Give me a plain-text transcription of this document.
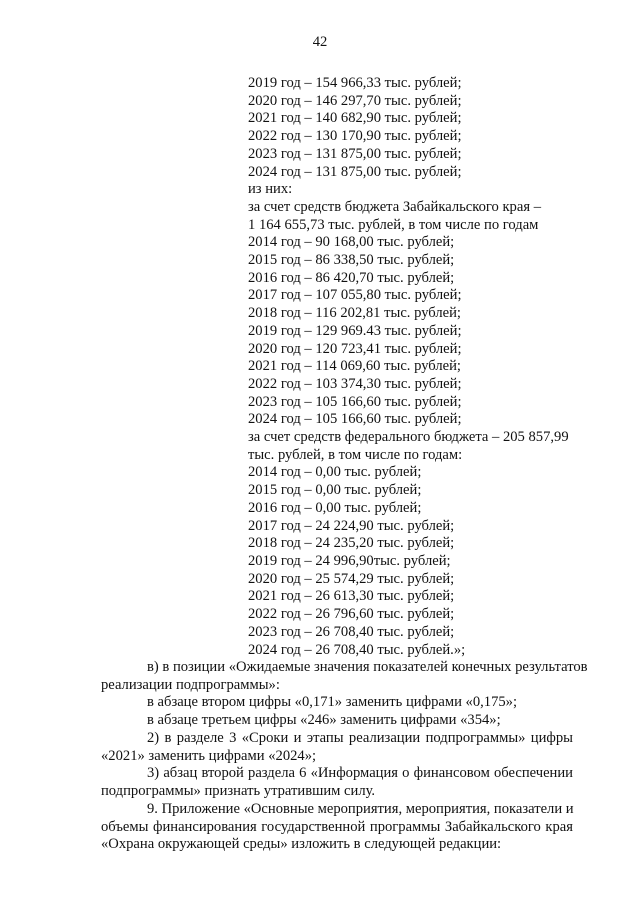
42
2019 год – 154 966,33 тыс. рублей;
2020 год – 146 297,70 тыс. рублей;
2021 год – 140 682,90 тыс. рублей;
2022 год – 130 170,90 тыс. рублей;
2023 год – 131 875,00 тыс. рублей;
2024 год – 131 875,00 тыс. рублей;
из них:
за счет средств бюджета Забайкальского края –
1 164 655,73 тыс. рублей, в том числе по годам
2014 год – 90 168,00 тыс. рублей;
2015 год – 86 338,50 тыс. рублей;
2016 год – 86 420,70 тыс. рублей;
2017 год – 107 055,80 тыс. рублей;
2018 год – 116 202,81 тыс. рублей;
2019 год – 129 969.43 тыс. рублей;
2020 год – 120 723,41 тыс. рублей;
2021 год – 114 069,60 тыс. рублей;
2022 год – 103 374,30 тыс. рублей;
2023 год – 105 166,60 тыс. рублей;
2024 год – 105 166,60 тыс. рублей;
за счет средств федерального бюджета – 205 857,99
тыс. рублей, в том числе по годам:
2014 год – 0,00 тыс. рублей;
2015 год – 0,00 тыс. рублей;
2016 год – 0,00 тыс. рублей;
2017 год – 24 224,90 тыс. рублей;
2018 год – 24 235,20 тыс. рублей;
2019 год – 24 996,90тыс. рублей;
2020 год – 25 574,29 тыс. рублей;
2021 год – 26 613,30 тыс. рублей;
2022 год – 26 796,60 тыс. рублей;
2023 год – 26 708,40 тыс. рублей;
2024 год – 26 708,40 тыс. рублей.»;
в) в позиции «Ожидаемые значения показателей конечных результатов
реализации подпрограммы»:
в абзаце втором цифры «0,171» заменить цифрами «0,175»;
в абзаце третьем цифры «246» заменить цифрами «354»;
2) в разделе 3 «Сроки и этапы реализации подпрограммы» цифры
«2021» заменить цифрами «2024»;
3) абзац второй раздела 6 «Информация о финансовом обеспечении
подпрограммы» признать утратившим силу.
9. Приложение «Основные мероприятия, мероприятия, показатели и
объемы финансирования государственной программы Забайкальского края
«Охрана окружающей среды» изложить в следующей редакции:
